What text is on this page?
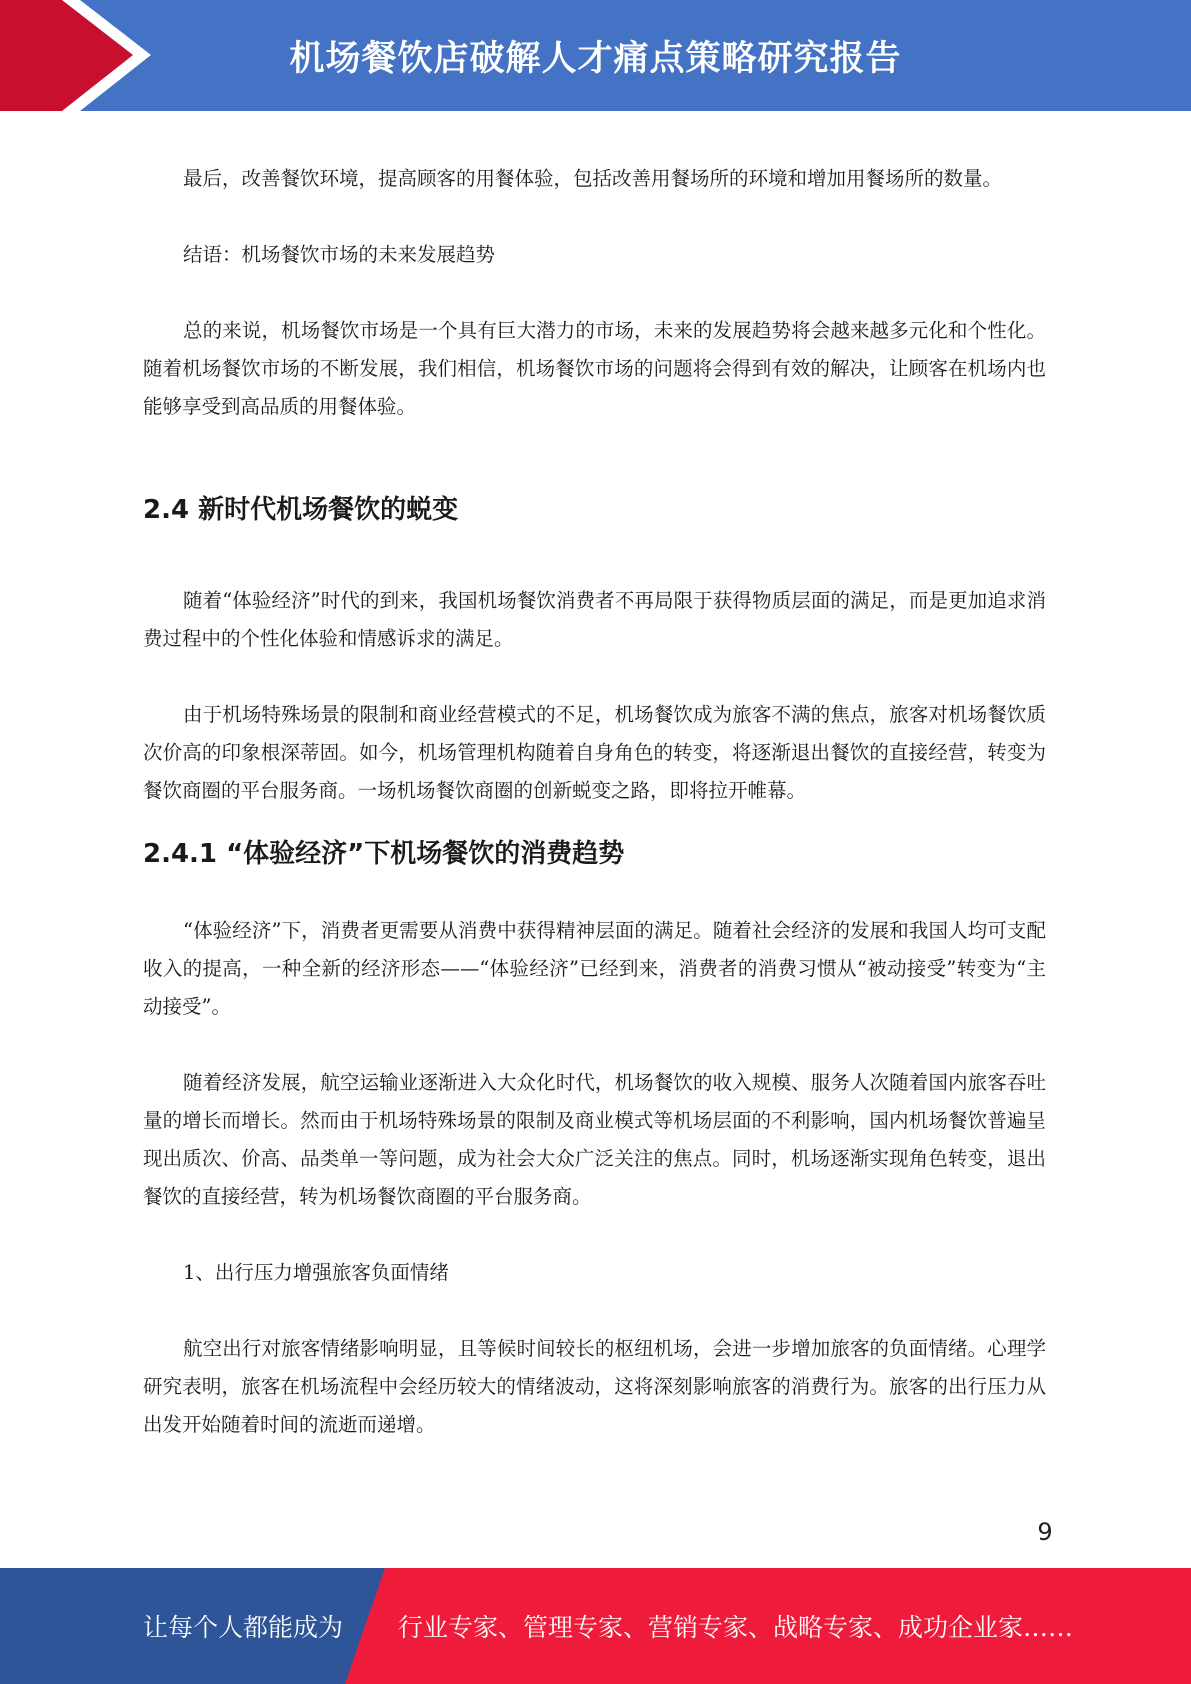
机场餐饮店破解人才痛点策略研究报告

最后，改善餐饮环境，提高顾客的用餐体验，包括改善用餐场所的环境和增加用餐场所的数量。

结语：机场餐饮市场的未来发展趋势

总的来说，机场餐饮市场是一个具有巨大潜力的市场，未来的发展趋势将会越来越多元化和个性化。随着机场餐饮市场的不断发展，我们相信，机场餐饮市场的问题将会得到有效的解决，让顾客在机场内也能够享受到高品质的用餐体验。

2.4 新时代机场餐饮的蜕变

随着“体验经济”时代的到来，我国机场餐饮消费者不再局限于获得物质层面的满足，而是更加追求消费过程中的个性化体验和情感诉求的满足。

由于机场特殊场景的限制和商业经营模式的不足，机场餐饮成为旅客不满的焦点，旅客对机场餐饮质次价高的印象根深蒂固。如今，机场管理机构随着自身角色的转变，将逐渐退出餐饮的直接经营，转变为餐饮商圈的平台服务商。一场机场餐饮商圈的创新蜕变之路，即将拉开帷幕。

2.4.1 “体验经济”下机场餐饮的消费趋势

“体验经济”下，消费者更需要从消费中获得精神层面的满足。随着社会经济的发展和我国人均可支配收入的提高，一种全新的经济形态——“体验经济”已经到来，消费者的消费习惯从“被动接受”转变为“主动接受”。

随着经济发展，航空运输业逐渐进入大众化时代，机场餐饮的收入规模、服务人次随着国内旅客吞吐量的增长而增长。然而由于机场特殊场景的限制及商业模式等机场层面的不利影响，国内机场餐饮普遍呈现出质次、价高、品类单一等问题，成为社会大众广泛关注的焦点。同时，机场逐渐实现角色转变，退出餐饮的直接经营，转为机场餐饮商圈的平台服务商。

1、出行压力增强旅客负面情绪

航空出行对旅客情绪影响明显，且等候时间较长的枢纽机场，会进一步增加旅客的负面情绪。心理学研究表明，旅客在机场流程中会经历较大的情绪波动，这将深刻影响旅客的消费行为。旅客的出行压力从出发开始随着时间的流逝而递增。

9
让每个人都能成为 行业专家、管理专家、营销专家、战略专家、成功企业家……
